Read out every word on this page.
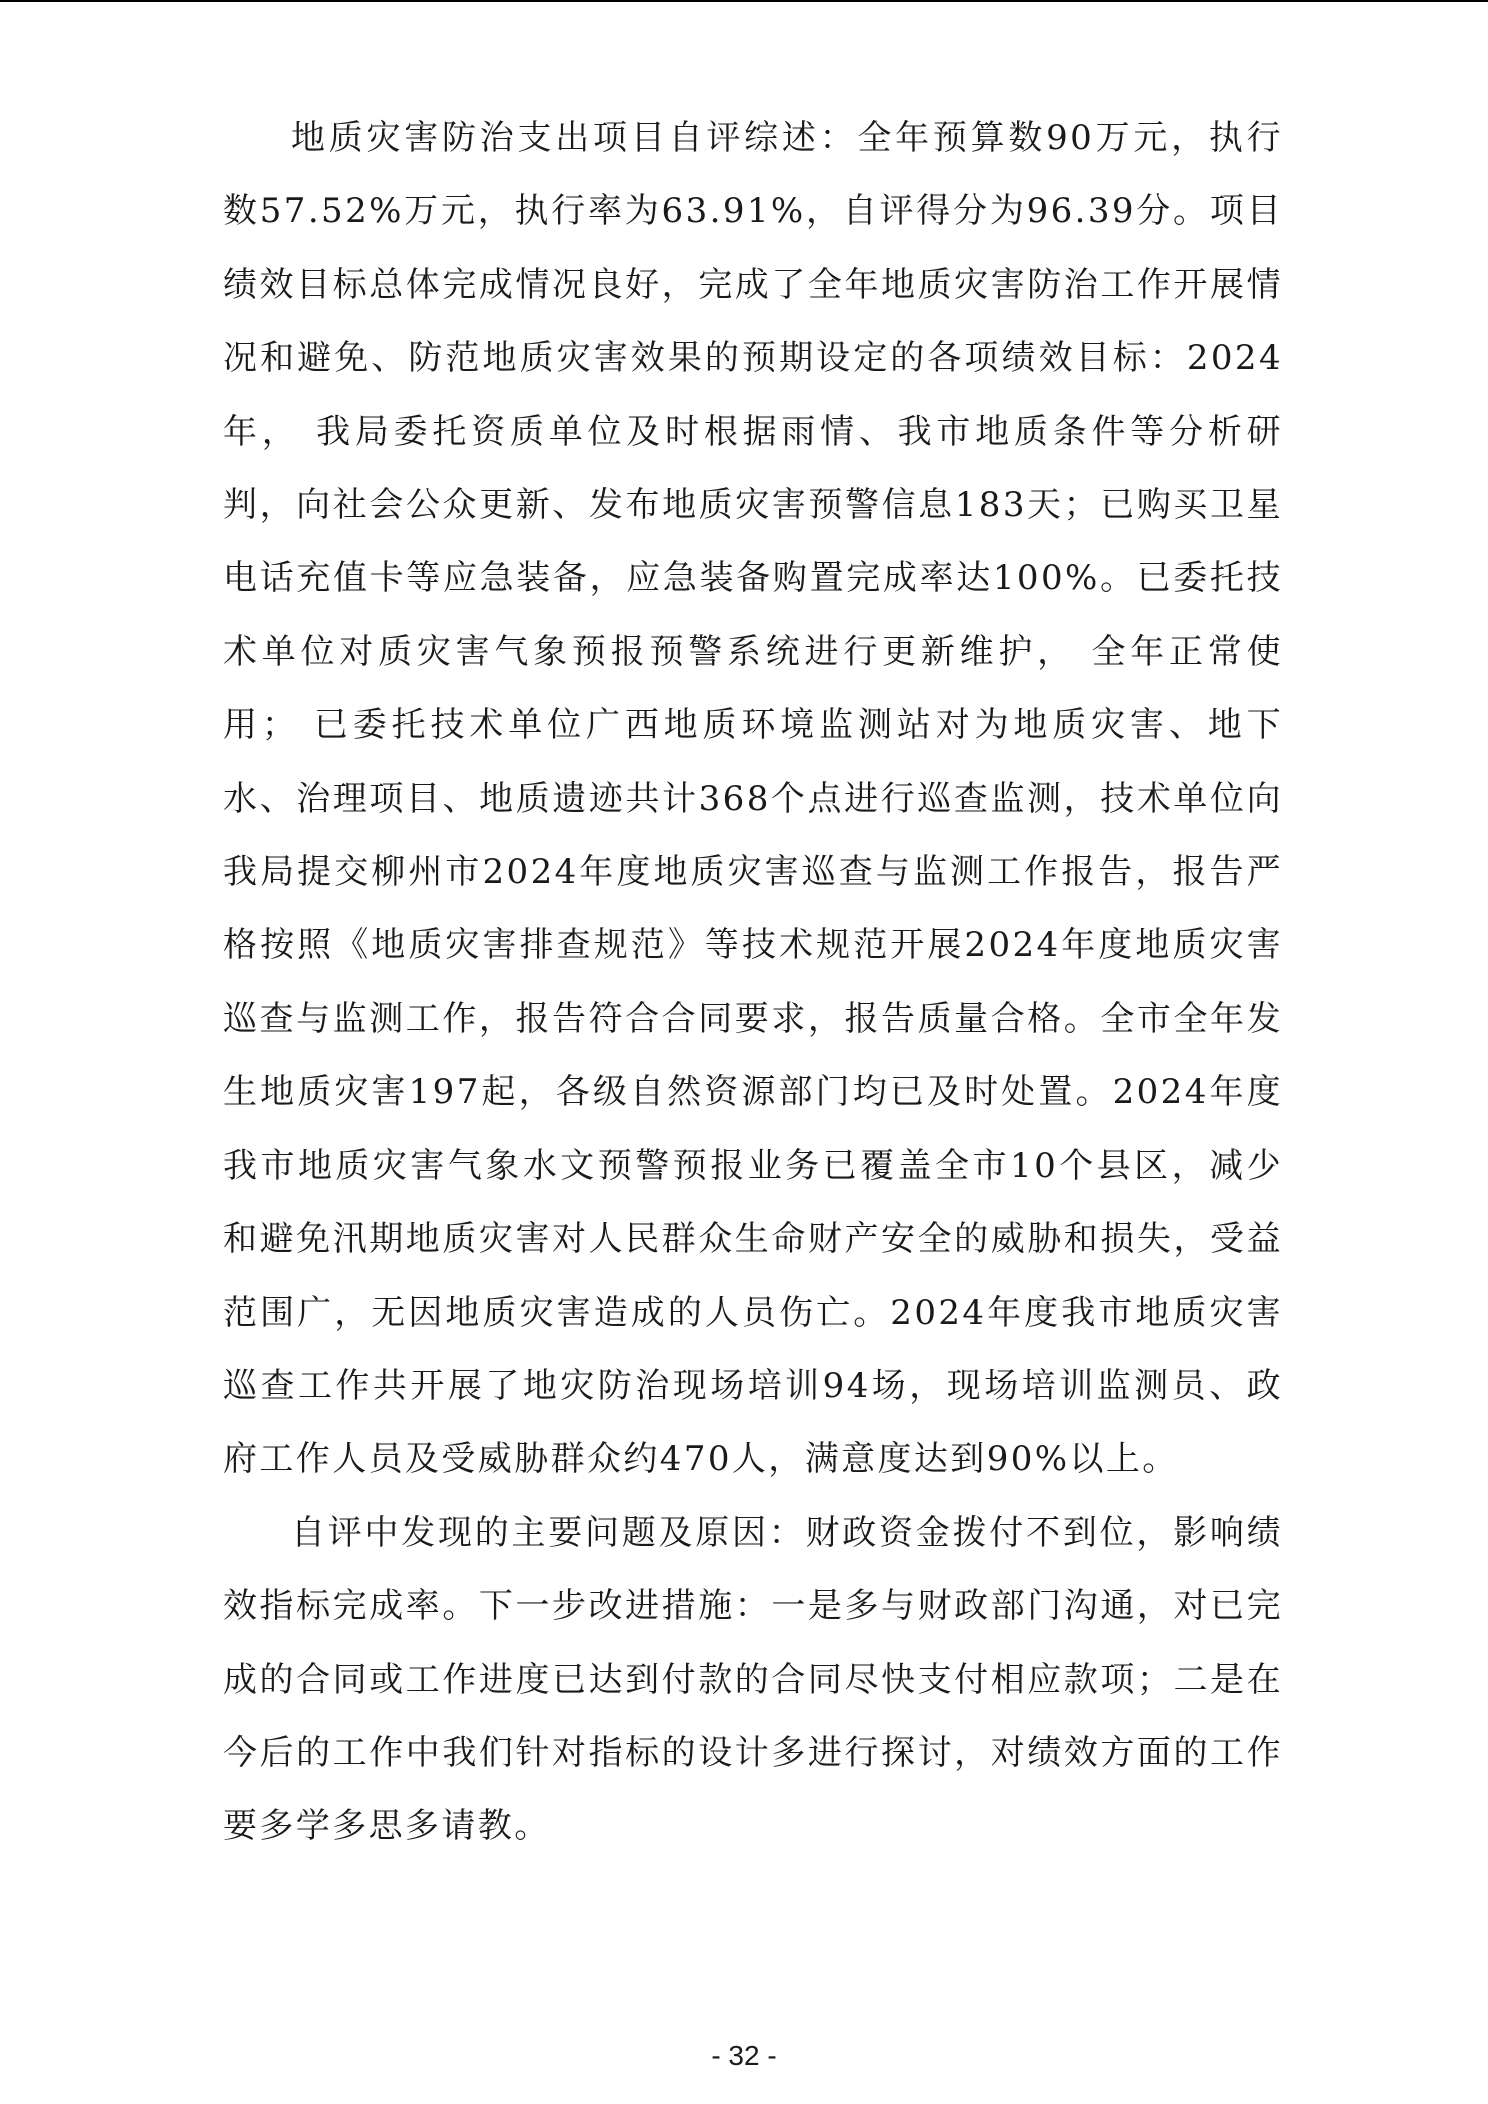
地质灾害防治支出项目自评综述：全年预算数90万元，执行数57.52%万元，执行率为63.91%，自评得分为96.39分。项目绩效目标总体完成情况良好，完成了全年地质灾害防治工作开展情况和避免、防范地质灾害效果的预期设定的各项绩效目标：2024年， 我局委托资质单位及时根据雨情、我市地质条件等分析研判，向社会公众更新、发布地质灾害预警信息183天；已购买卫星电话充值卡等应急装备，应急装备购置完成率达100%。已委托技术单位对质灾害气象预报预警系统进行更新维护， 全年正常使用； 已委托技术单位广西地质环境监测站对为地质灾害、地下水、治理项目、地质遗迹共计368个点进行巡查监测，技术单位向我局提交柳州市2024年度地质灾害巡查与监测工作报告，报告严格按照《地质灾害排查规范》等技术规范开展2024年度地质灾害巡查与监测工作，报告符合合同要求，报告质量合格。全市全年发生地质灾害197起，各级自然资源部门均已及时处置。2024年度我市地质灾害气象水文预警预报业务已覆盖全市10个县区，减少和避免汛期地质灾害对人民群众生命财产安全的威胁和损失，受益范围广，无因地质灾害造成的人员伤亡。2024年度我市地质灾害巡查工作共开展了地灾防治现场培训94场，现场培训监测员、政府工作人员及受威胁群众约470人，满意度达到90%以上。

自评中发现的主要问题及原因：财政资金拨付不到位，影响绩效指标完成率。下一步改进措施：一是多与财政部门沟通，对已完成的合同或工作进度已达到付款的合同尽快支付相应款项；二是在今后的工作中我们针对指标的设计多进行探讨，对绩效方面的工作要多学多思多请教。

- 32 -
